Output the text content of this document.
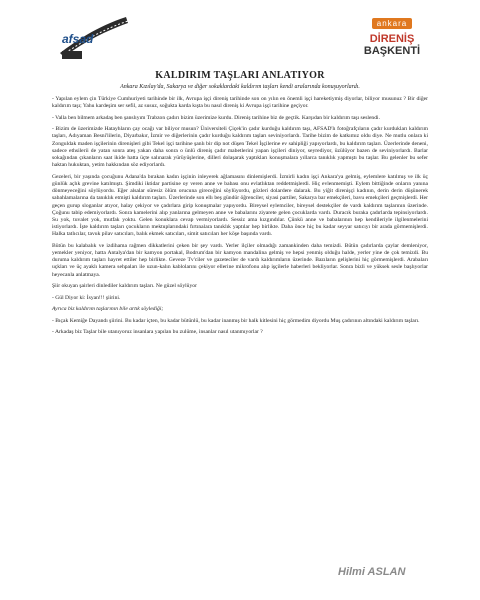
afsad
ankara
DİRENİŞ
BAŞKENTİ
KALDIRIM TAŞLARI ANLATIYOR
Ankara Kızılay'da, Sakarya ve diğer sokaklardaki kaldırım taşları kendi aralarında konuşuyorlardı.

- Yapılan eylem çin Türkiye Cumhuriyeti tarihinde bir ilk, Avrupa işçi direniş tarihinde son on yılın en önemli işçi hareketiymiş diyorlar, biliyor musunuz ? Bir diğer kaldırım taşı; Yahu kardeşim ser sefil, az susuz, soğukta karda kışta bu nasıl direniş ki Avrupa işçi tarihine geçiyor.

- Valla ben bilmem arkadaş ben şanslıyım Trabzon çadırı bizim üzerimize kurdu. Direniş tarihine biz de geçtik. Karşıdan bir kaldırım taşı seslendi.

- Bizim de üzerimizde Hatayhların çay ocağı var biliyor musun? Üniversiteli Çiçek'in çadır kurduğu kaldırım taşı, AFSAD'lı fotoğrafçıların çadır kurdukları kaldırım taşları, Adıyaman Besni'lilerin, Diyarbakır, İzmir ve diğerlerinin çadır kurduğu kaldırım taşları seviniyorlardı. Tarihe bizim de katkımız oldu diye. Ne mutlu onlara ki Zonguldak maden işçilerinin direnişleri gibi Tekel işçi tarihine şanlı bir dip not düşen Tekel İşçilerine ev sahipliği yapıyorlardı, bu kaldırım taşları. Üzerlerinde deneni, sadece ethsilerii de yatan sonra ateş yakan daha sonra o ünlü direniş çadır mabetlerini yapan işçileri diniyor, seyrediyor, üzülüyor bazen de seviniyorlardı. Barlar sokağından çıkanların saat ikide hatta üçte salınarak yürüyüşlerine, dilleri dolaşarak yaptıkları konuşmalara yıllarca tanıklık yapmıştı bu taşlar. Bu gelenler bu sefer haktan hukuktan, yetim hakkından söz ediyorlardı.

Gezeleri, bir yaşında çocuğunu Adana'da bırakan kadın işçinin inleyerek ağlamasını dinlemişlerdi. İzmirli kadın işçi Ankara'ya gelmiş, eylemlere katılmış ve ilk üç günlük açlık grevine katılmıştı. Şimdiki iktidar partisine oy veren anne ve babası onu evlatlıktan reddetmişlerdi. Hiç evlenmemişti. Eylem bittiğinde onların yanına dönmeyeceğini söylüyordu. Eğer alsalar süresiz ölüm orucuna gireceğini söylüyordu, gözleri dolardere dalarak. Bu yiğit direnişçi kadının, derin derin düşünerek sabahlamalarına da tanıklık etmişti kaldırım taşları. Üzerlerinde son ellı beş gündür öğrenciler, siyasi partiler, Sakarya bar emekçileri, bavu emekçileri geçmişlerdi. Her geçen gurup sloganlar atıyor, halay çekiyor ve çadırlara girip konuşmalar yapıyordu. Bireysel eylemciler, bireysel destekçiler de vardı kaldırım taşlarının üzerinde. Çoğunu tabip edemiyorlardı. Sonra kamelerini alıp yanlarına gelmeyen anne ve babalarını ziyarete gelen çocuklarda vardı. Duracık buraka çadırlarda tepinsiyorlardı. Su yok, tuvalet yok, mutfak yoktu. Gelen konuklara cevap vermiyorlardı. Sessiz ama kızgındılar. Çünkü anne ve babalarının hep kendileriyle ilgilenmelerini istiyorlardı. İşte kaldırım taşları çocukların mektuplarındaki fırtınalara tanıklık yaptılar hep birlikte. Daha önce hiç bu kadar seyyar satıcıyı bir arada görmemişlerdi. Halka tatlıcılar, tavuk pilav satıcıları, balık ekmek satıcıları, simit satıcıları her köşe başında vardı.

Bütün bu kalabalık ve izdihama rağmen dikkatlerini çeken bir şey vardı. Yerler ilçiler olmadığı zamankinden daha temizdi. Bütün çadırlarda çaylar demleniyor, yemekler yeniyor, hatta Antalya'dan bir kamyon portakal, Bodrum'dan bir kamyon mandalina gelmiş ve hepsi yenmiş olduğu halde, yerler yine de çok temizdi. Bu duruma kaldırım taşları hayret ettiler hep birlikte. Geveze Tv'ciler ve gazeteciler de vardı kaldırımların üzerinde. Bazıların gelişlerini hiç görmemişlerdi. Arabaları uçkları ve üç ayaklı kamera sehpaları ile uzun-kalın kablolarını çekiyor ellerine mikrofonu alıp işçilerle haberleri bekliyorlar. Sonra bizli ve yüksek sesle başlıyorlar heyecanla anlatmaya.

Şiir okuyan şairleri dinlediler kaldırım taşları. Ne güzel söylüyor

- Gül Diyor ki: İsyan!!! şiirini.

Ayrıca biz kaldırım taşlarının bile artık söylediği;

- Bıçak Kemiğe Dayandı şiirini. Bu kadar içten, bu kadar bütünlü, bu kadar inanmış bir halk kitlesini hiç görmedim diyordu Muş çadırının altındaki kaldırım taşları.

- Arkadaş biz Taşlar bile utanıyoruz insanlara yapılan bu zulüme, insanlar nasıl utanmıyorlar ?

Hilmi ASLAN
